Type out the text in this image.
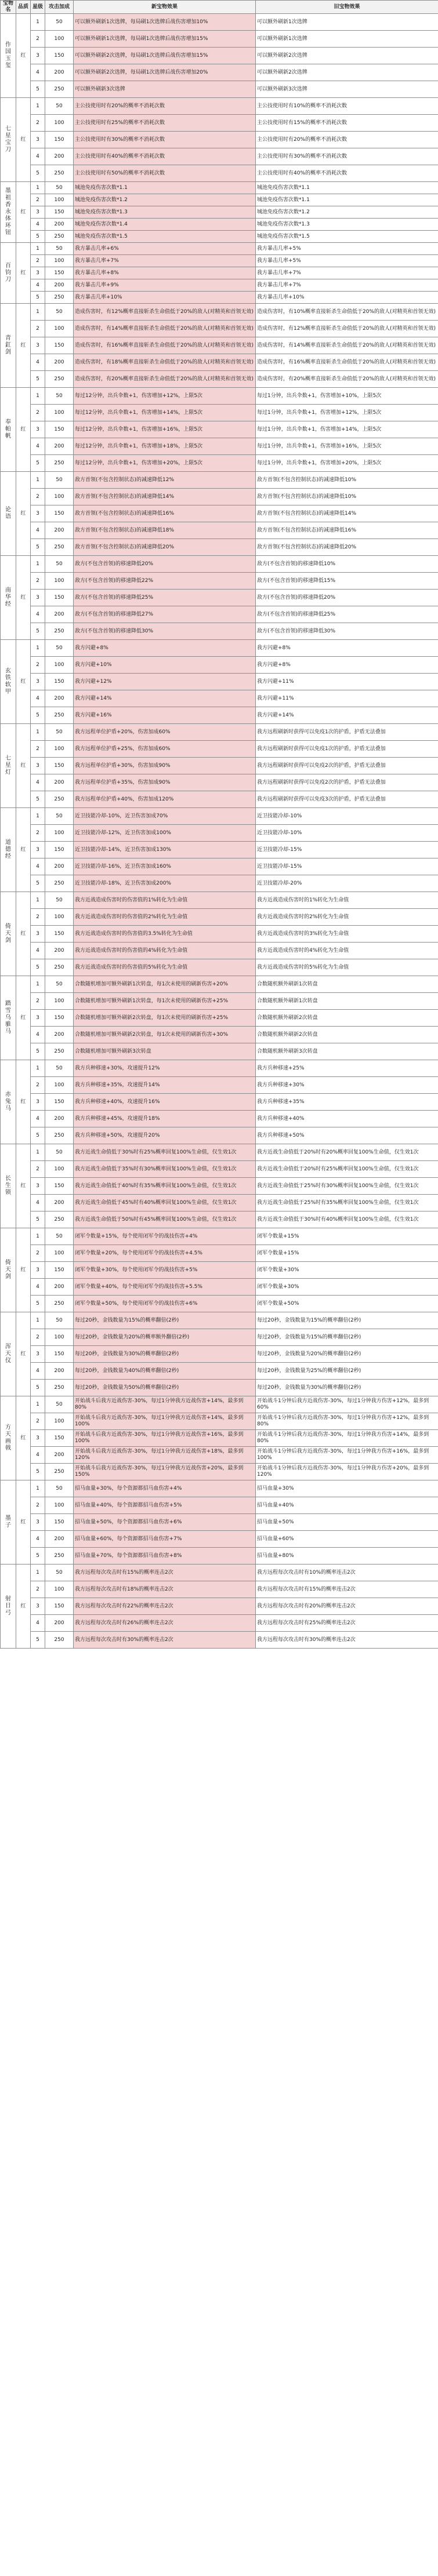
宝物名	品质	星级	攻击加成	新宝物效果	旧宝物效果
作国玉玺	红	1	50	可以额外刷新1次选牌，每局刷1次选牌后战伤害增加10%	可以额外刷新1次选牌
		2	100	可以额外刷新1次选牌，每局刷1次选牌后战伤害增加15%	可以额外刷新1次选牌
		3	150	可以额外刷新2次选牌，每局刷1次选牌后战伤害增加15%	可以额外刷新2次选牌
		4	200	可以额外刷新2次选牌，每局刷1次选牌后战伤害增加20%	可以额外刷新2次选牌
		5	250	可以额外刷新3次选牌	可以额外刷新3次选牌
七星宝刀	红	1	50	主公技使用时有20%的概率不消耗次数	主公技使用时有10%的概率不消耗次数
		2	100	主公技使用时有25%的概率不消耗次数	主公技使用时有15%的概率不消耗次数
		3	150	主公技使用时有30%的概率不消耗次数	主公技使用时有20%的概率不消耗次数
		4	200	主公技使用时有40%的概率不消耗次数	主公技使用时有30%的概率不消耗次数
		5	250	主公技使用时有50%的概率不消耗次数	主公技使用时有40%的概率不消耗次数
墨祖香永体环钮	红	1	50	城池免疫伤害次数*1.1	城池免疫伤害次数*1.1
		2	100	城池免疫伤害次数*1.2	城池免疫伤害次数*1.1
		3	150	城池免疫伤害次数*1.3	城池免疫伤害次数*1.2
		4	200	城池免疫伤害次数*1.4	城池免疫伤害次数*1.3
		5	250	城池免疫伤害次数*1.5	城池免疫伤害次数*1.5
百钧刀	红	1	50	我方暴击几率+6%	我方暴击几率+5%
		2	100	我方暴击几率+7%	我方暴击几率+5%
		3	150	我方暴击几率+8%	我方暴击几率+7%
		4	200	我方暴击几率+9%	我方暴击几率+7%
		5	250	我方暴击几率+10%	我方暴击几率+10%
青釭剑	红	1	50	造成伤害时，有12%概率直接斩杀生命值低于20%的敌人(对精英和首领无效)	造成伤害时，有10%概率直接斩杀生命值低于20%的敌人(对精英和首领无效)
		2	100	造成伤害时，有14%概率直接斩杀生命值低于20%的敌人(对精英和首领无效)	造成伤害时，有12%概率直接斩杀生命值低于20%的敌人(对精英和首领无效)
		3	150	造成伤害时，有16%概率直接斩杀生命值低于20%的敌人(对精英和首领无效)	造成伤害时，有14%概率直接斩杀生命值低于20%的敌人(对精英和首领无效)
		4	200	造成伤害时，有18%概率直接斩杀生命值低于20%的敌人(对精英和首领无效)	造成伤害时，有16%概率直接斩杀生命值低于20%的敌人(对精英和首领无效)
		5	250	造成伤害时，有20%概率直接斩杀生命值低于20%的敌人(对精英和首领无效)	造成伤害时，有20%概率直接斩杀生命值低于20%的敌人(对精英和首领无效)
奉帕帆	红	1	50	每过12分钟，出兵伞数+1，伤害增加+12%，上限5次	每过1分钟，出兵伞数+1，伤害增加+10%，上限5次
		2	100	每过12分钟，出兵伞数+1，伤害增加+14%，上限5次	每过1分钟，出兵伞数+1，伤害增加+12%，上限5次
		3	150	每过12分钟，出兵伞数+1，伤害增加+16%，上限5次	每过1分钟，出兵伞数+1，伤害增加+14%，上限5次
		4	200	每过12分钟，出兵伞数+1，伤害增加+18%，上限5次	每过1分钟，出兵伞数+1，伤害增加+16%，上限5次
		5	250	每过12分钟，出兵伞数+1，伤害增加+20%，上限5次	每过1分钟，出兵伞数+1，伤害增加+20%，上限5次
论语	红	1	50	敌方首领(不包含控制状态)的减速降低12%	敌方首领(不包含控制状态)的减速降低10%
		2	100	敌方首领(不包含控制状态)的减速降低14%	敌方首领(不包含控制状态)的减速降低10%
		3	150	敌方首领(不包含控制状态)的减速降低16%	敌方首领(不包含控制状态)的减速降低14%
		4	200	敌方首领(不包含控制状态)的减速降低18%	敌方首领(不包含控制状态)的减速降低16%
		5	250	敌方首领(不包含控制状态)的减速降低20%	敌方首领(不包含控制状态)的减速降低20%
南华经	红	1	50	敌方(不包含首领)的移速降低20%	敌方(不包含首领)的移速降低10%
		2	100	敌方(不包含首领)的移速降低22%	敌方(不包含首领)的移速降低15%
		3	150	敌方(不包含首领)的移速降低25%	敌方(不包含首领)的移速降低20%
		4	200	敌方(不包含首领)的移速降低27%	敌方(不包含首领)的移速降低25%
		5	250	敌方(不包含首领)的移速降低30%	敌方(不包含首领)的移速降低30%
玄铁软甲	红	1	50	我方闪避+8%	我方闪避+8%
		2	100	我方闪避+10%	我方闪避+8%
		3	150	我方闪避+12%	我方闪避+11%
		4	200	我方闪避+14%	我方闪避+11%
		5	250	我方闪避+16%	我方闪避+14%
七星灯	红	1	50	我方远程单位护盾+20%，伤害加成60%	我方远程刷新时获得可以免疫1次的护盾，护盾无法叠加
		2	100	我方远程单位护盾+25%，伤害加成60%	我方远程刷新时获得可以免疫1次的护盾，护盾无法叠加
		3	150	我方远程单位护盾+30%，伤害加成90%	我方远程刷新时获得可以免疫2次的护盾，护盾无法叠加
		4	200	我方远程单位护盾+35%，伤害加成90%	我方远程刷新时获得可以免疫2次的护盾，护盾无法叠加
		5	250	我方远程单位护盾+40%，伤害加成120%	我方远程刷新时获得可以免疫3次的护盾，护盾无法叠加
道德经	红	1	50	近卫技能冷却-10%，近卫伤害加成70%	近卫技能冷却-10%
		2	100	近卫技能冷却-12%，近卫伤害加成100%	近卫技能冷却-10%
		3	150	近卫技能冷却-14%，近卫伤害加成130%	近卫技能冷却-15%
		4	200	近卫技能冷却-16%，近卫伤害加成160%	近卫技能冷却-15%
		5	250	近卫技能冷却-18%，近卫伤害加成200%	近卫技能冷却-20%
倚天剑	红	1	50	我方近战造成伤害时的伤害值的1%转化为生命值	我方近战造成伤害时的1%转化为生命值
		2	100	我方近战造成伤害时的伤害值的2%转化为生命值	我方近战造成伤害时的2%转化为生命值
		3	150	我方近战造成伤害时的伤害值的3.5%转化为生命值	我方近战造成伤害时的3%转化为生命值
		4	200	我方近战造成伤害时的伤害值的4%转化为生命值	我方近战造成伤害时的4%转化为生命值
		5	250	我方近战造成伤害时的伤害值的5%转化为生命值	我方近战造成伤害时的5%转化为生命值
踏雪乌骓马	红	1	50	合数随机增加可额外刷新1次转盘，每1次未使用的刷新伤害+20%	合数随机额外刷新1次转盘
		2	100	合数随机增加可额外刷新1次转盘，每1次未使用的刷新伤害+25%	合数随机额外刷新1次转盘
		3	150	合数随机增加可额外刷新2次转盘，每1次未使用的刷新伤害+25%	合数随机额外刷新2次转盘
		4	200	合数随机增加可额外刷新2次转盘，每1次未使用的刷新伤害+30%	合数随机额外刷新2次转盘
		5	250	合数随机增加可额外刷新3次转盘	合数随机额外刷新3次转盘
赤兔马	红	1	50	我方兵种移速+30%，攻速提升12%	我方兵种移速+25%
		2	100	我方兵种移速+35%，攻速提升14%	我方兵种移速+30%
		3	150	我方兵种移速+40%，攻速提升16%	我方兵种移速+35%
		4	200	我方兵种移速+45%，攻速提升18%	我方兵种移速+40%
		5	250	我方兵种移速+50%，攻速提升20%	我方兵种移速+50%
长生锁	红	1	50	我方近战生命值低于30%时有25%概率回复100%生命值，仅生效1次	我方近战生命值低于20%时有20%概率回复100%生命值，仅生效1次
		2	100	我方近战生命值低于35%时有30%概率回复100%生命值，仅生效1次	我方近战生命值低于20%时有25%概率回复100%生命值，仅生效1次
		3	150	我方近战生命值低于40%时有35%概率回复100%生命值，仅生效1次	我方近战生命值低于25%时有30%概率回复100%生命值，仅生效1次
		4	200	我方近战生命值低于45%时有40%概率回复100%生命值，仅生效1次	我方近战生命值低于25%时有35%概率回复100%生命值，仅生效1次
		5	250	我方近战生命值低于50%时有45%概率回复100%生命值，仅生效1次	我方近战生命值低于30%时有40%概率回复100%生命值，仅生效1次
倚天剑	红	1	50	闭军令数量+15%，每个使用闭军令的战技伤害+4%	闭军令数量+15%
		2	100	闭军令数量+20%，每个使用闭军令的战技伤害+4.5%	闭军令数量+15%
		3	150	闭军令数量+30%，每个使用闭军令的战技伤害+5%	闭军令数量+30%
		4	200	闭军令数量+40%，每个使用闭军令的战技伤害+5.5%	闭军令数量+30%
		5	250	闭军令数量+50%，每个使用闭军令的战技伤害+6%	闭军令数量+50%
浑天仪	红	1	50	每过20秒，金钱数量为15%的概率翻倍(2秒)	每过20秒，金钱数量为15%的概率翻倍(2秒)
		2	100	每过20秒，金钱数量为20%的概率额外翻倍(2秒)	每过20秒，金钱数量为15%的概率翻倍(2秒)
		3	150	每过20秒，金钱数量为30%的概率翻倍(2秒)	每过20秒，金钱数量为20%的概率翻倍(2秒)
		4	200	每过20秒，金钱数量为40%的概率翻倍(2秒)	每过20秒，金钱数量为25%的概率翻倍(2秒)
		5	250	每过20秒，金钱数量为50%的概率翻倍(2秒)	每过20秒，金钱数量为30%的概率翻倍(2秒)
方天画戟	红	1	50	开始战斗后我方近战伤害-30%，每过1分钟我方近战伤害+14%，最多到80%	开始战斗1分钟后我方近战伤害-30%，每过1分钟我方伤害+12%，最多到60%
		2	100	开始战斗后我方近战伤害-30%，每过1分钟我方近战伤害+14%，最多到100%	开始战斗1分钟后我方近战伤害-30%，每过1分钟我方伤害+12%，最多到80%
		3	150	开始战斗后我方近战伤害-30%，每过1分钟我方近战伤害+16%，最多到100%	开始战斗1分钟后我方近战伤害-30%，每过1分钟我方伤害+14%，最多到80%
		4	200	开始战斗后我方近战伤害-30%，每过1分钟我方近战伤害+18%，最多到120%	开始战斗1分钟后我方近战伤害-30%，每过1分钟我方伤害+16%，最多到100%
		5	250	开始战斗后我方近战伤害-30%，每过1分钟我方近战伤害+20%，最多到150%	开始战斗1分钟后我方近战伤害-30%，每过1分钟我方伤害+20%，最多到120%
墨子	红	1	50	招马血量+30%，每个资源都招马血伤害+4%	招马血量+30%
		2	100	招马血量+40%，每个资源都招马血伤害+5%	招马血量+40%
		3	150	招马血量+50%，每个资源都招马血伤害+6%	招马血量+50%
		4	200	招马血量+60%，每个资源都招马血伤害+7%	招马血量+60%
		5	250	招马血量+70%，每个资源都招马血伤害+8%	招马血量+80%
射日弓	红	1	50	我方远程每次攻击时有15%的概率连击2次	我方远程每次攻击时有10%的概率连击2次
		2	100	我方远程每次攻击时有18%的概率连击2次	我方远程每次攻击时有15%的概率连击2次
		3	150	我方远程每次攻击时有22%的概率连击2次	我方远程每次攻击时有20%的概率连击2次
		4	200	我方远程每次攻击时有26%的概率连击2次	我方远程每次攻击时有25%的概率连击2次
		5	250	我方远程每次攻击时有30%的概率连击2次	我方远程每次攻击时有30%的概率连击2次
